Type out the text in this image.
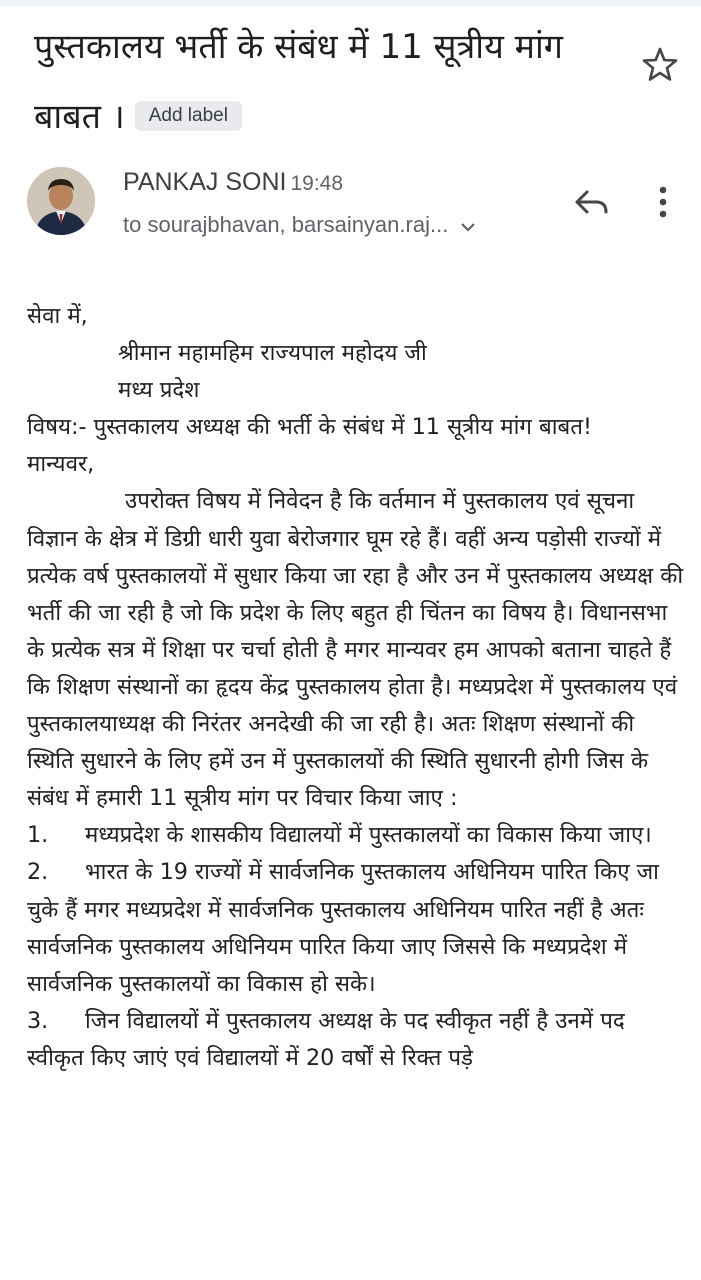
पुस्तकालय भर्ती के संबंध में 11 सूत्रीय मांग बाबत । Add label
PANKAJ SONI 19:48
to sourajbhavan, barsainyan.raj...

सेवा में,

श्रीमान महामहिम राज्यपाल महोदय जी

मध्य प्रदेश

विषय:- पुस्तकालय अध्यक्ष की भर्ती के संबंध में 11 सूत्रीय मांग बाबत!

मान्यवर,

उपरोक्त विषय में निवेदन है कि वर्तमान में पुस्तकालय एवं सूचना विज्ञान के क्षेत्र में डिग्री धारी युवा बेरोजगार घूम रहे हैं। वहीं अन्य पड़ोसी राज्यों में प्रत्येक वर्ष पुस्तकालयों में सुधार किया जा रहा है और उन में पुस्तकालय अध्यक्ष की भर्ती की जा रही है जो कि प्रदेश के लिए बहुत ही चिंतन का विषय है। विधानसभा के प्रत्येक सत्र में शिक्षा पर चर्चा होती है मगर मान्यवर हम आपको बताना चाहते हैं कि शिक्षण संस्थानों का हृदय केंद्र पुस्तकालय होता है। मध्यप्रदेश में पुस्तकालय एवं पुस्तकालयाध्यक्ष की निरंतर अनदेखी की जा रही है। अतः शिक्षण संस्थानों की स्थिति सुधारने के लिए हमें उन में पुस्तकालयों की स्थिति सुधारनी होगी जिस के संबंध में हमारी 11 सूत्रीय मांग पर विचार किया जाए :

1. मध्यप्रदेश के शासकीय विद्यालयों में पुस्तकालयों का विकास किया जाए।

2. भारत के 19 राज्यों में सार्वजनिक पुस्तकालय अधिनियम पारित किए जा चुके हैं मगर मध्यप्रदेश में सार्वजनिक पुस्तकालय अधिनियम पारित नहीं है अतः सार्वजनिक पुस्तकालय अधिनियम पारित किया जाए जिससे कि मध्यप्रदेश में सार्वजनिक पुस्तकालयों का विकास हो सके।

3. जिन विद्यालयों में पुस्तकालय अध्यक्ष के पद स्वीकृत नहीं है उनमें पद स्वीकृत किए जाएं एवं विद्यालयों में 20 वर्षों से रिक्त पड़े
